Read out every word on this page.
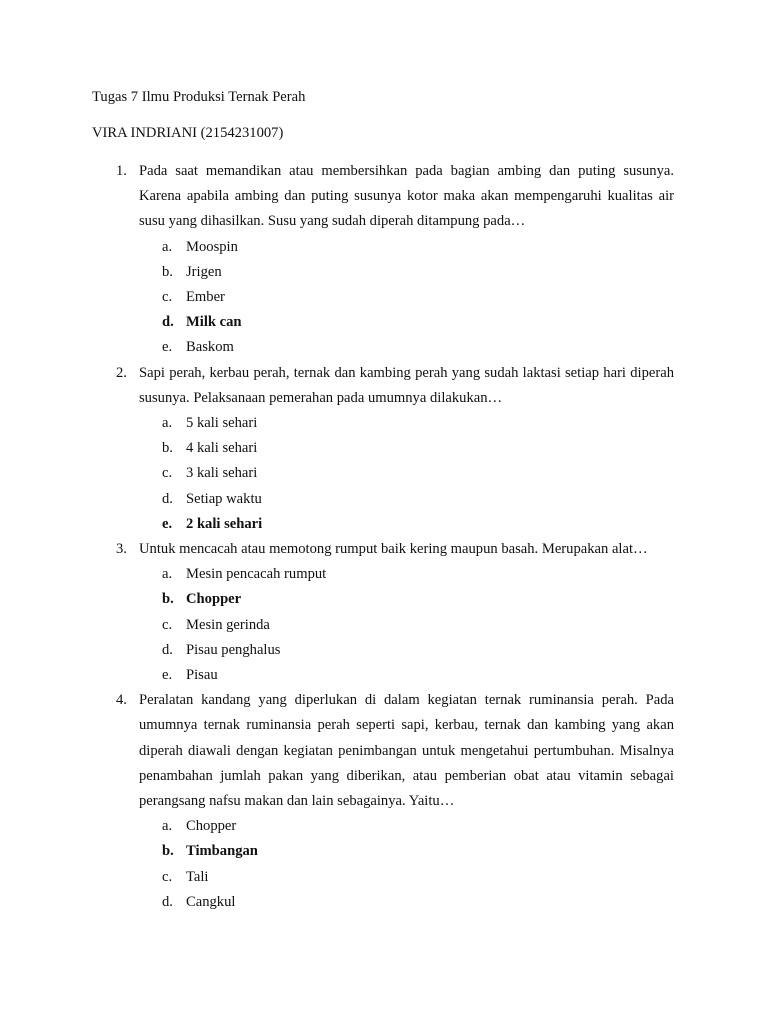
Tugas 7 Ilmu Produksi Ternak Perah
VIRA INDRIANI (2154231007)
1. Pada saat memandikan atau membersihkan pada bagian ambing dan puting susunya. Karena apabila ambing dan puting susunya kotor maka akan mempengaruhi kualitas air susu yang dihasilkan. Susu yang sudah diperah ditampung pada…
a. Moospin
b. Jrigen
c. Ember
d. Milk can
e. Baskom
2. Sapi perah, kerbau perah, ternak dan kambing perah yang sudah laktasi setiap hari diperah susunya. Pelaksanaan pemerahan pada umumnya dilakukan…
a. 5 kali sehari
b. 4 kali sehari
c. 3 kali sehari
d. Setiap waktu
e. 2 kali sehari
3. Untuk mencacah atau memotong rumput baik kering maupun basah. Merupakan alat…
a. Mesin pencacah rumput
b. Chopper
c. Mesin gerinda
d. Pisau penghalus
e. Pisau
4. Peralatan kandang yang diperlukan di dalam kegiatan ternak ruminansia perah. Pada umumnya ternak ruminansia perah seperti sapi, kerbau, ternak dan kambing yang akan diperah diawali dengan kegiatan penimbangan untuk mengetahui pertumbuhan. Misalnya penambahan jumlah pakan yang diberikan, atau pemberian obat atau vitamin sebagai perangsang nafsu makan dan lain sebagainya. Yaitu…
a. Chopper
b. Timbangan
c. Tali
d. Cangkul
